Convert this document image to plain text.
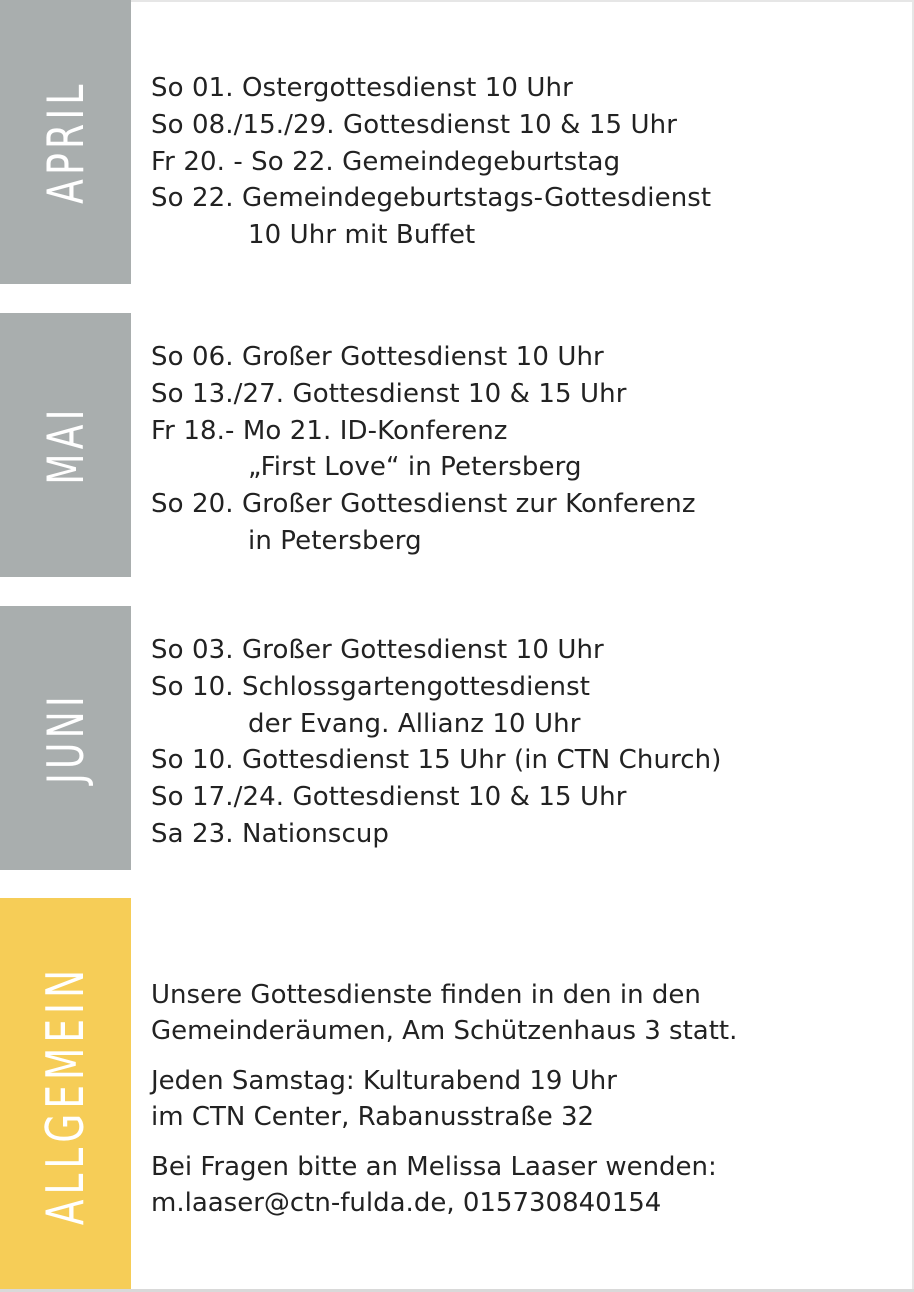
APRIL So 01. Ostergottesdienst 10 Uhr
So 08./15./29. Gottesdienst 10 & 15 Uhr
Fr 20. - So 22. Gemeindegeburtstag
So 22. Gemeindegeburtstags-Gottesdienst
10 Uhr mit Buffet
MAI
So 06. Großer Gottesdienst 10 Uhr
So 13./27. Gottesdienst 10 & 15 Uhr
Fr 18.- Mo 21. ID-Konferenz
„First Love“ in Petersberg
So 20. Großer Gottesdienst zur Konferenz
in Petersberg
JUNI
So 03. Großer Gottesdienst 10 Uhr
So 10. Schlossgartengottesdienst
der Evang. Allianz 10 Uhr
So 10. Gottesdienst 15 Uhr (in CTN Church)
So 17./24. Gottesdienst 10 & 15 Uhr
Sa 23. Nationscup
ALLGEMEIN Unsere Gottesdienste finden in den in den
Gemeinderäumen, Am Schützenhaus 3 statt.
Jeden Samstag: Kulturabend 19 Uhr
im CTN Center, Rabanusstraße 32
Bei Fragen bitte an Melissa Laaser wenden:
m.laaser@ctn-fulda.de, 015730840154
